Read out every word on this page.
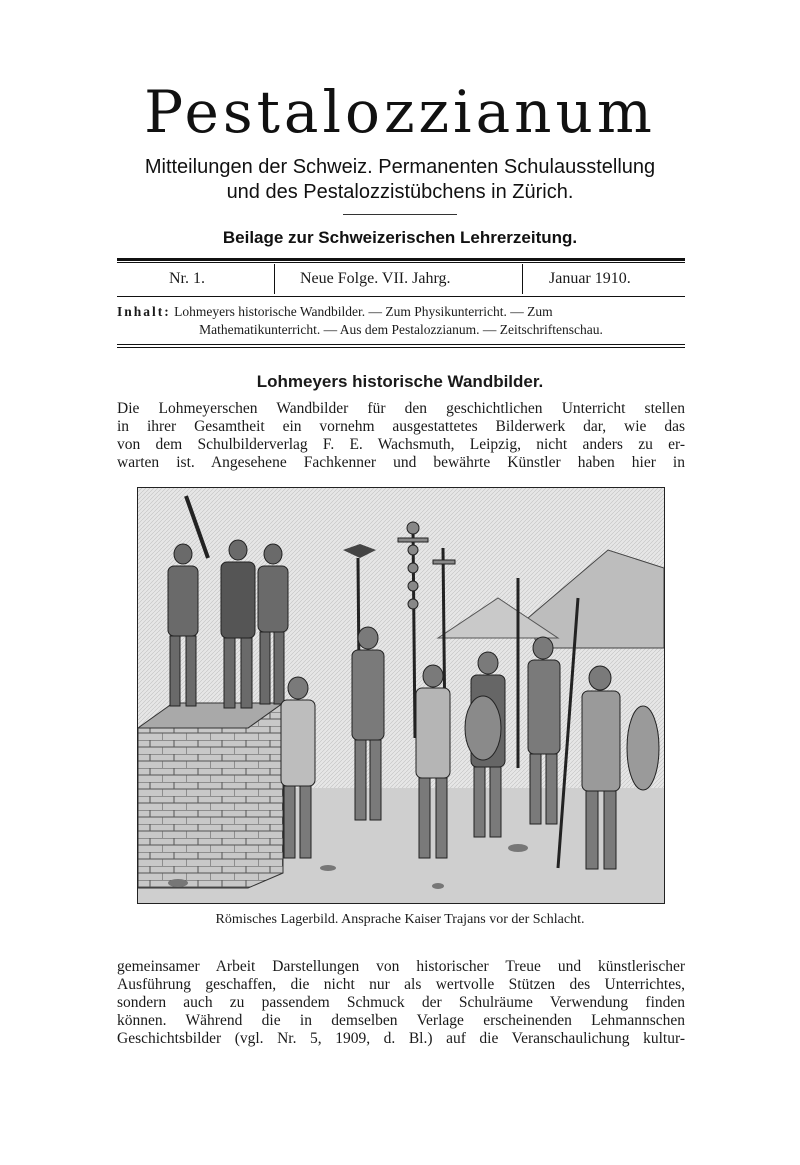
Pestalozzianum
Mitteilungen der Schweiz. Permanenten Schulausstellung
und des Pestalozzistübchens in Zürich.
Beilage zur Schweizerischen Lehrerzeitung.
Nr. 1.	Neue Folge. VII. Jahrg.	Januar 1910.
Inhalt: Lohmeyers historische Wandbilder. — Zum Physikunterricht. — Zum
Mathematikunterricht. — Aus dem Pestalozzianum. — Zeitschriftenschau.
Lohmeyers historische Wandbilder.
Die Lohmeyerschen Wandbilder für den geschichtlichen Unterricht stellen
in ihrer Gesamtheit ein vornehm ausgestattetes Bilderwerk dar, wie das
von dem Schulbilderverlag F. E. Wachsmuth, Leipzig, nicht anders zu er-
warten ist. Angesehene Fachkenner und bewährte Künstler haben hier in
Römisches Lagerbild. Ansprache Kaiser Trajans vor der Schlacht.
gemeinsamer Arbeit Darstellungen von historischer Treue und künstlerischer
Ausführung geschaffen, die nicht nur als wertvolle Stützen des Unterrichtes,
sondern auch zu passendem Schmuck der Schulräume Verwendung finden
können. Während die in demselben Verlage erscheinenden Lehmannschen
Geschichtsbilder (vgl. Nr. 5, 1909, d. Bl.) auf die Veranschaulichung kultur-
